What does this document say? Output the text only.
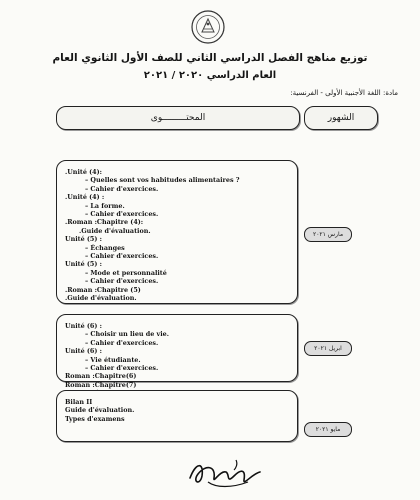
توزيع مناهج الفصل الدراسي الثاني للصف الأول الثانوي العام
العام الدراسي ٢٠٢٠ / ٢٠٢١
مادة: اللغة الأجنبية الأولى - الفرنسية:
الشهور
المحتـــــــــوى
.Unité (4):
– Quelles sont vos habitudes alimentaires ?
– Cahier d'exercices.
.Unité (4) :
– La forme.
– Cahier d'exercices.
.Roman :Chapitre (4):
.Guide d'évaluation.
Unité (5) :
– Échanges
– Cahier d'exercices.
Unité (5) :
– Mode et personnalité
– Cahier d'exercices.
.Roman :Chapitre (5)
.Guide d'évaluation.
مارس ٢٠٢١
Unité (6) :
– Choisir un lieu de vie.
– Cahier d'exercices.
Unité (6) :
– Vie étudiante.
– Cahier d'exercices.
Roman :Chapitre(6)
Roman :Chapitre(7)
ابريل ٢٠٢١
Bilan II
Guide d'évaluation.
Types d'examens
مايو ٢٠٢١
